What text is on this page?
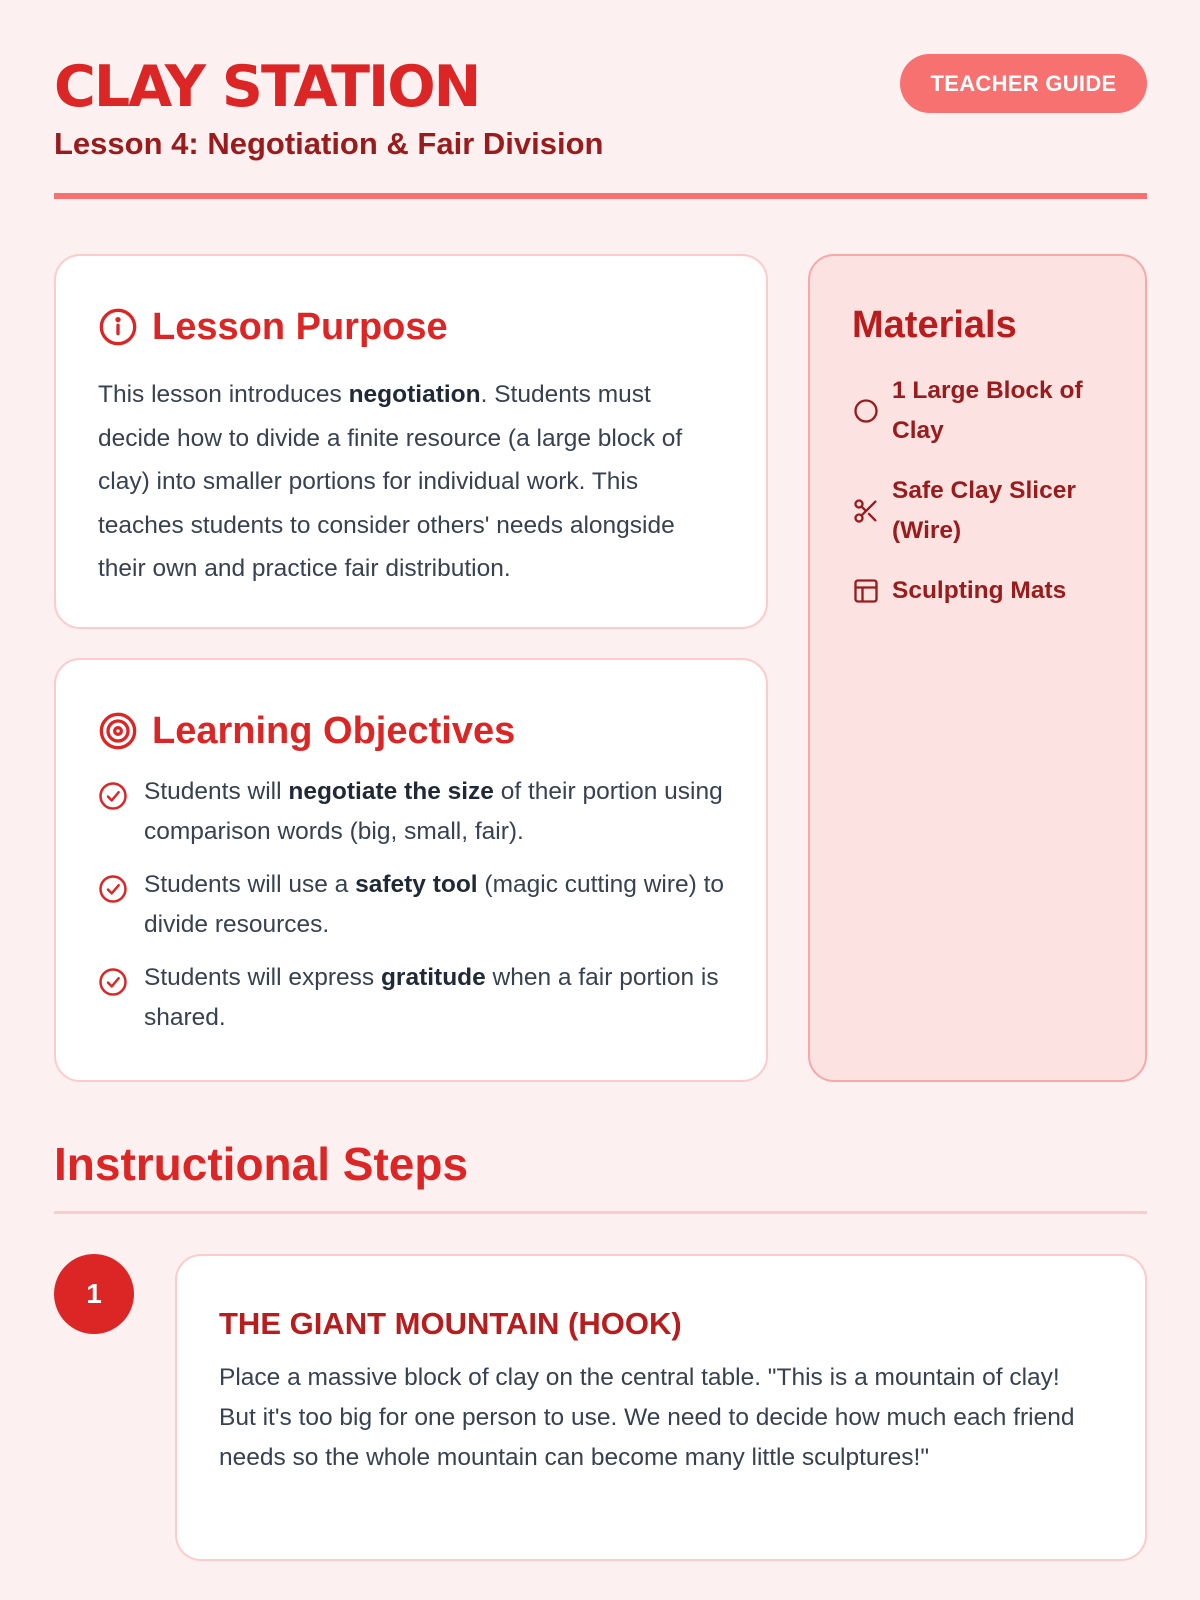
CLAY STATION
Lesson 4: Negotiation & Fair Division
TEACHER GUIDE
Lesson Purpose
This lesson introduces negotiation. Students must decide how to divide a finite resource (a large block of clay) into smaller portions for individual work. This teaches students to consider others' needs alongside their own and practice fair distribution.
Learning Objectives
Students will negotiate the size of their portion using comparison words (big, small, fair).
Students will use a safety tool (magic cutting wire) to divide resources.
Students will express gratitude when a fair portion is shared.
Materials
1 Large Block of Clay
Safe Clay Slicer (Wire)
Sculpting Mats
Instructional Steps
1
THE GIANT MOUNTAIN (HOOK)
Place a massive block of clay on the central table. "This is a mountain of clay! But it's too big for one person to use. We need to decide how much each friend needs so the whole mountain can become many little sculptures!"
